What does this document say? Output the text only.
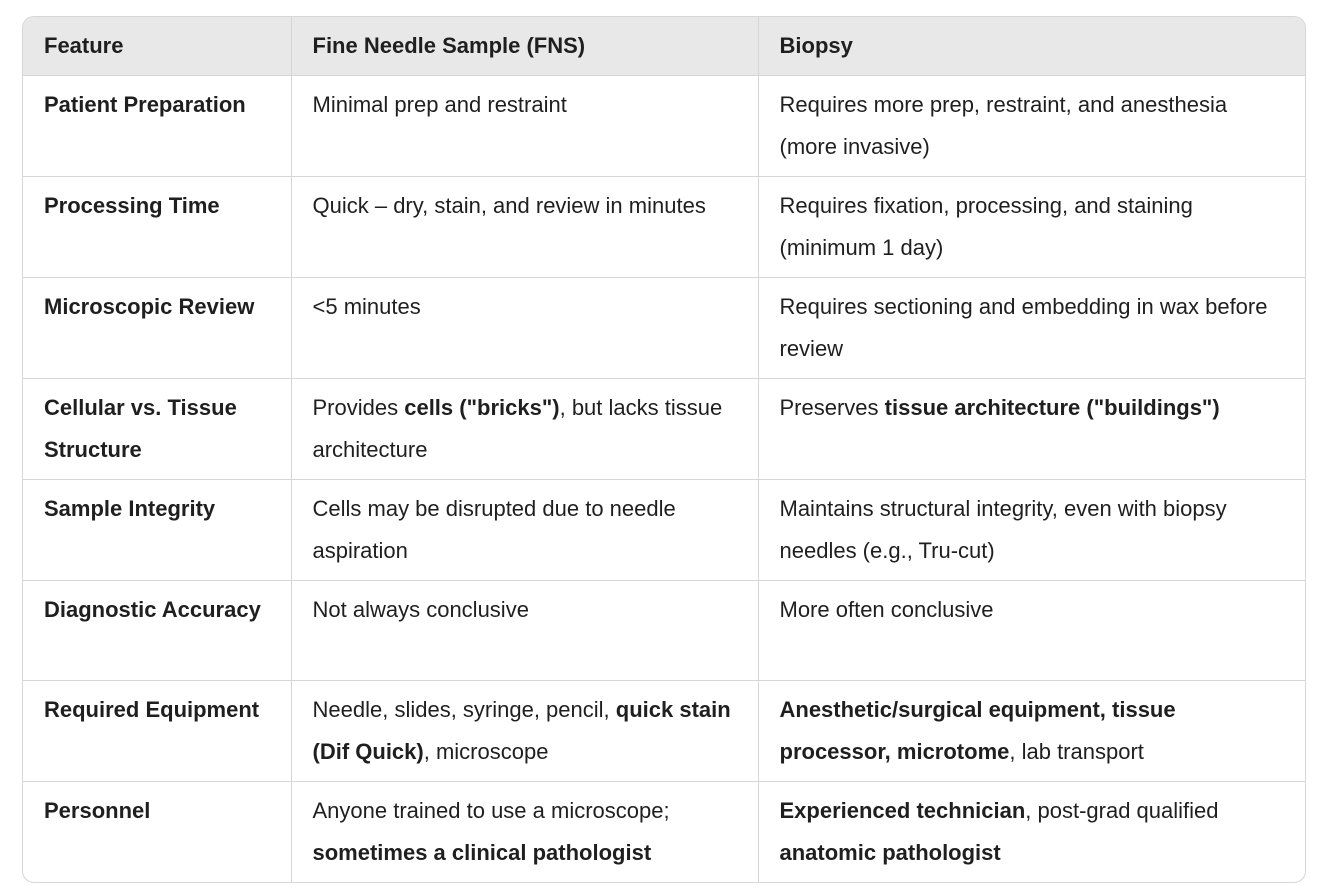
Feature	Fine Needle Sample (FNS)	Biopsy
Patient Preparation	Minimal prep and restraint	Requires more prep, restraint, and anesthesia (more invasive)
Processing Time	Quick – dry, stain, and review in minutes	Requires fixation, processing, and staining (minimum 1 day)
Microscopic Review	<5 minutes	Requires sectioning and embedding in wax before review
Cellular vs. Tissue Structure	Provides cells ("bricks"), but lacks tissue architecture	Preserves tissue architecture ("buildings")
Sample Integrity	Cells may be disrupted due to needle aspiration	Maintains structural integrity, even with biopsy needles (e.g., Tru-cut)
Diagnostic Accuracy	Not always conclusive	More often conclusive
Required Equipment	Needle, slides, syringe, pencil, quick stain (Dif Quick), microscope	Anesthetic/surgical equipment, tissue processor, microtome, lab transport
Personnel	Anyone trained to use a microscope; sometimes a clinical pathologist	Experienced technician, post-grad qualified anatomic pathologist
